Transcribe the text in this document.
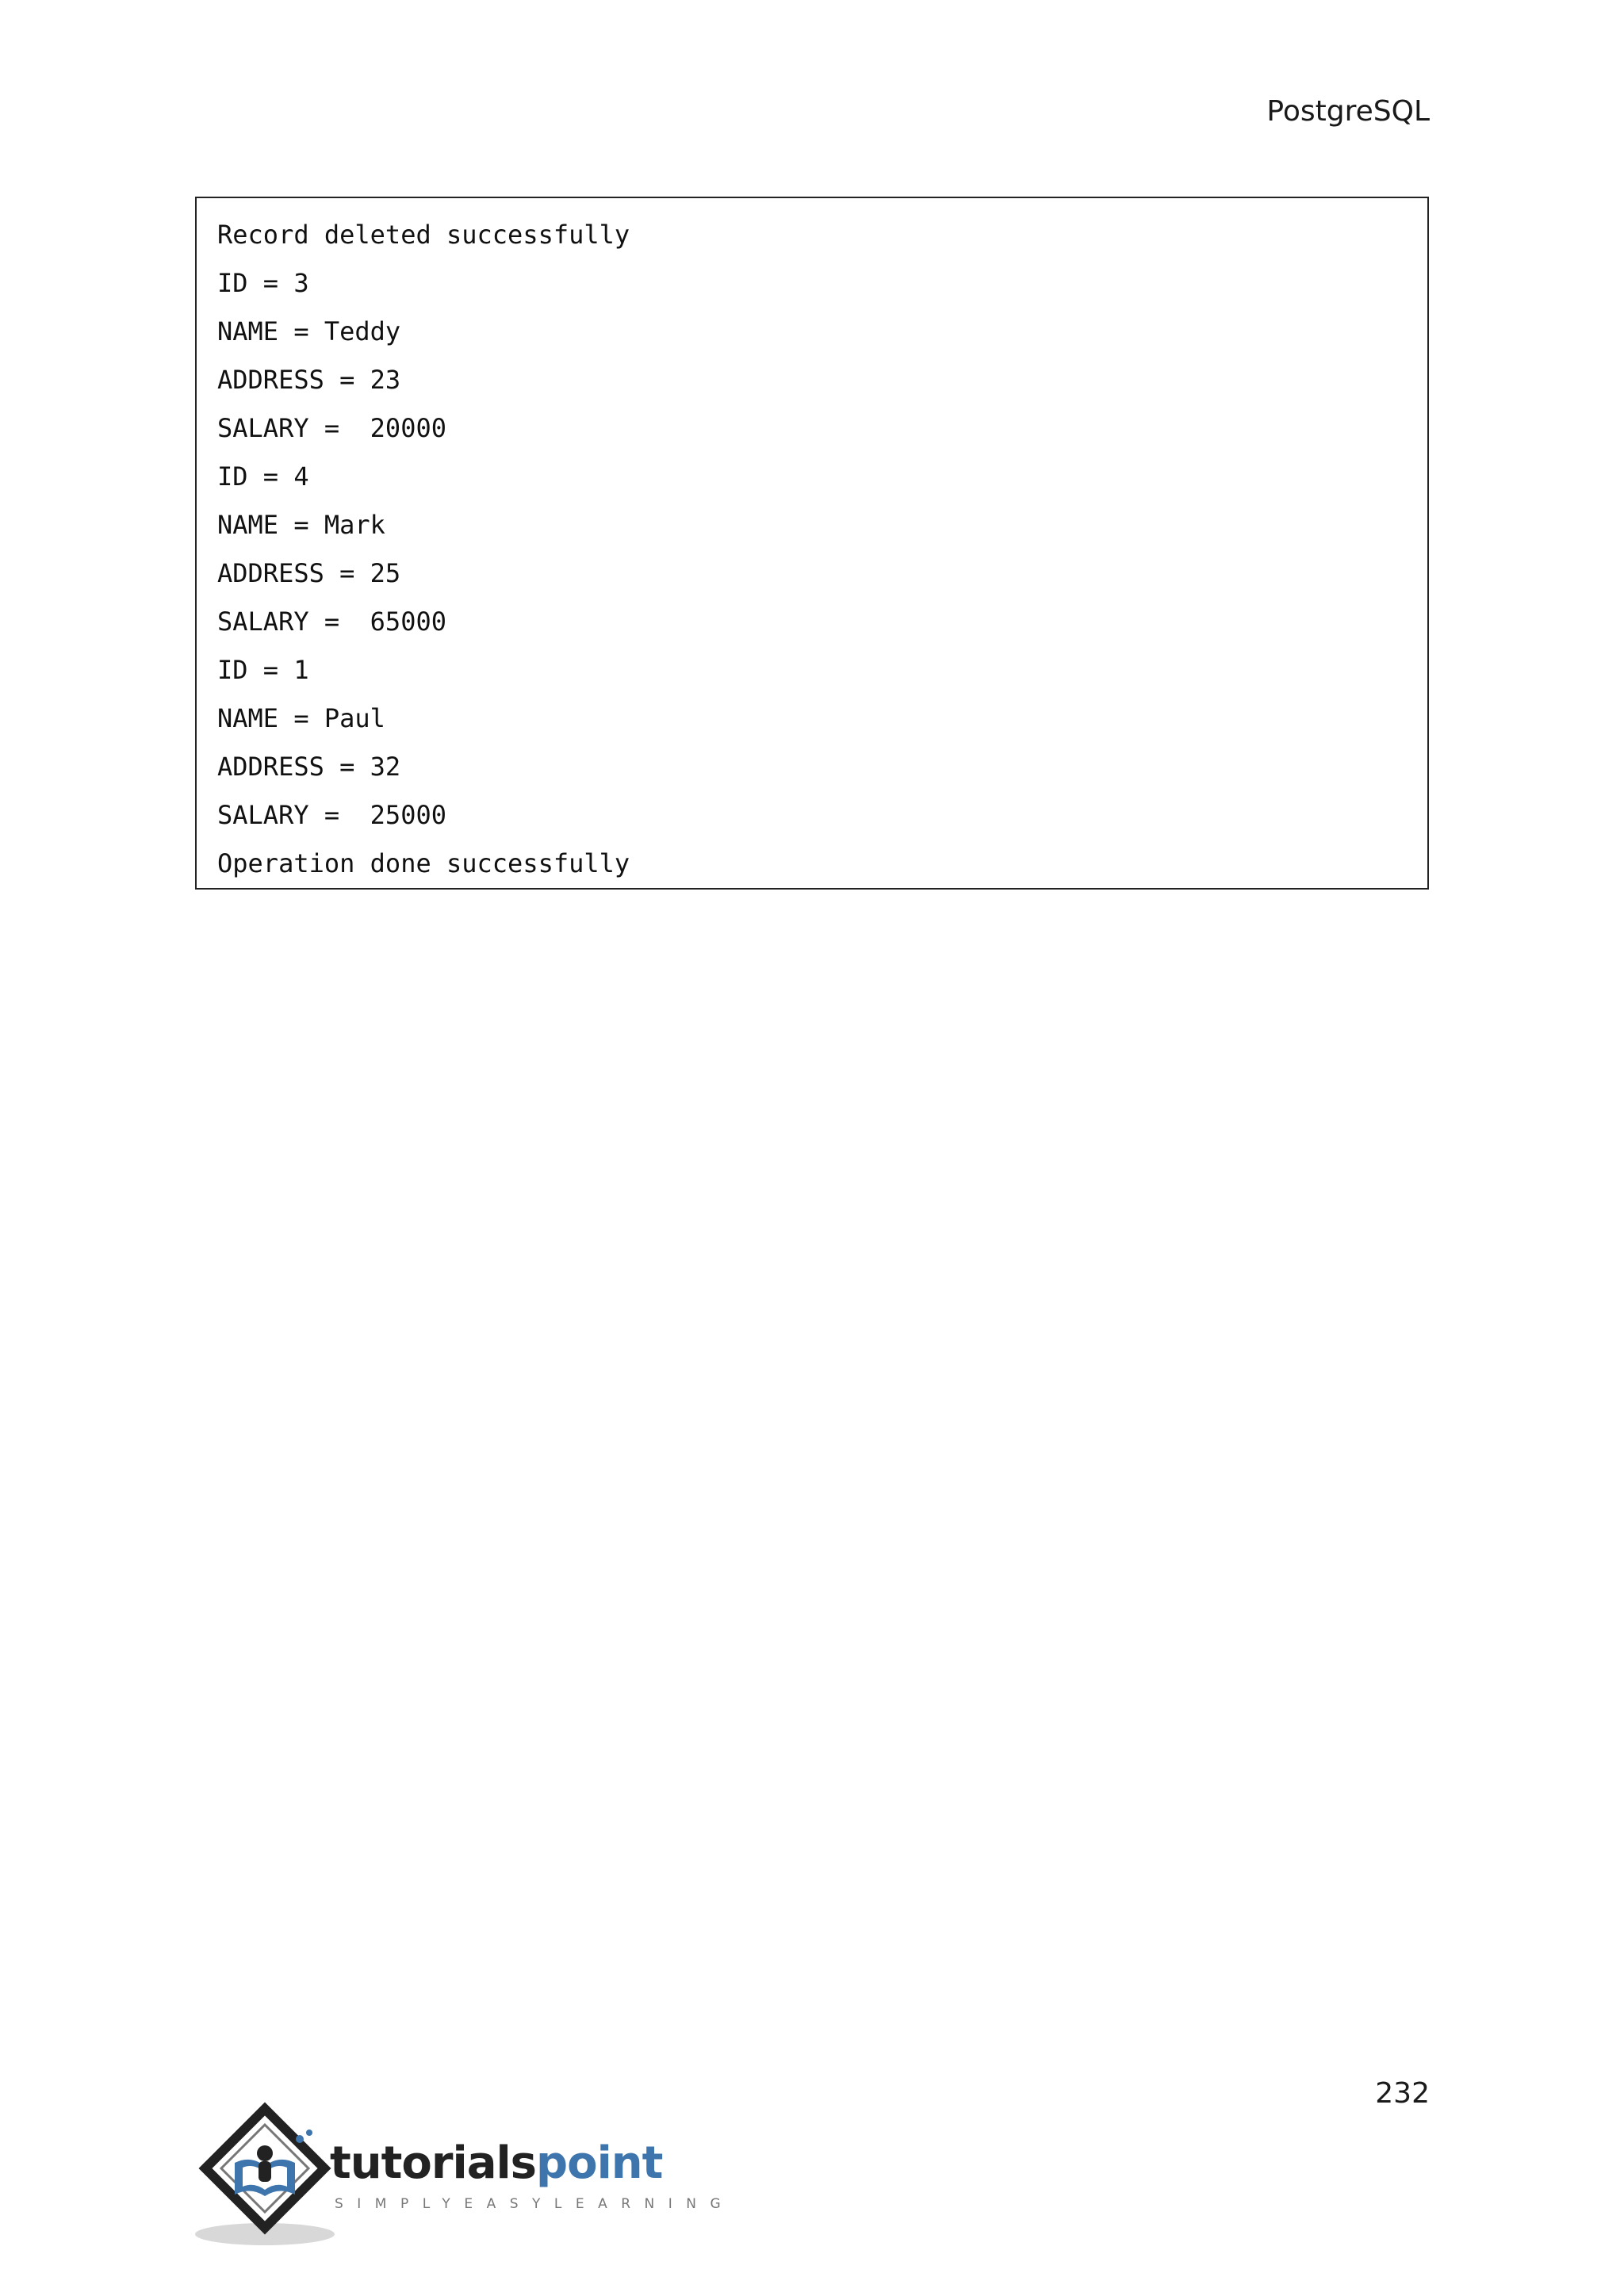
PostgreSQL
Record deleted successfully
ID = 3
NAME = Teddy
ADDRESS = 23
SALARY =  20000
ID = 4
NAME = Mark
ADDRESS = 25
SALARY =  65000
ID = 1
NAME = Paul
ADDRESS = 32
SALARY =  25000
Operation done successfully
232
tutorialspoint
SIMPLYEASYLEARNING
